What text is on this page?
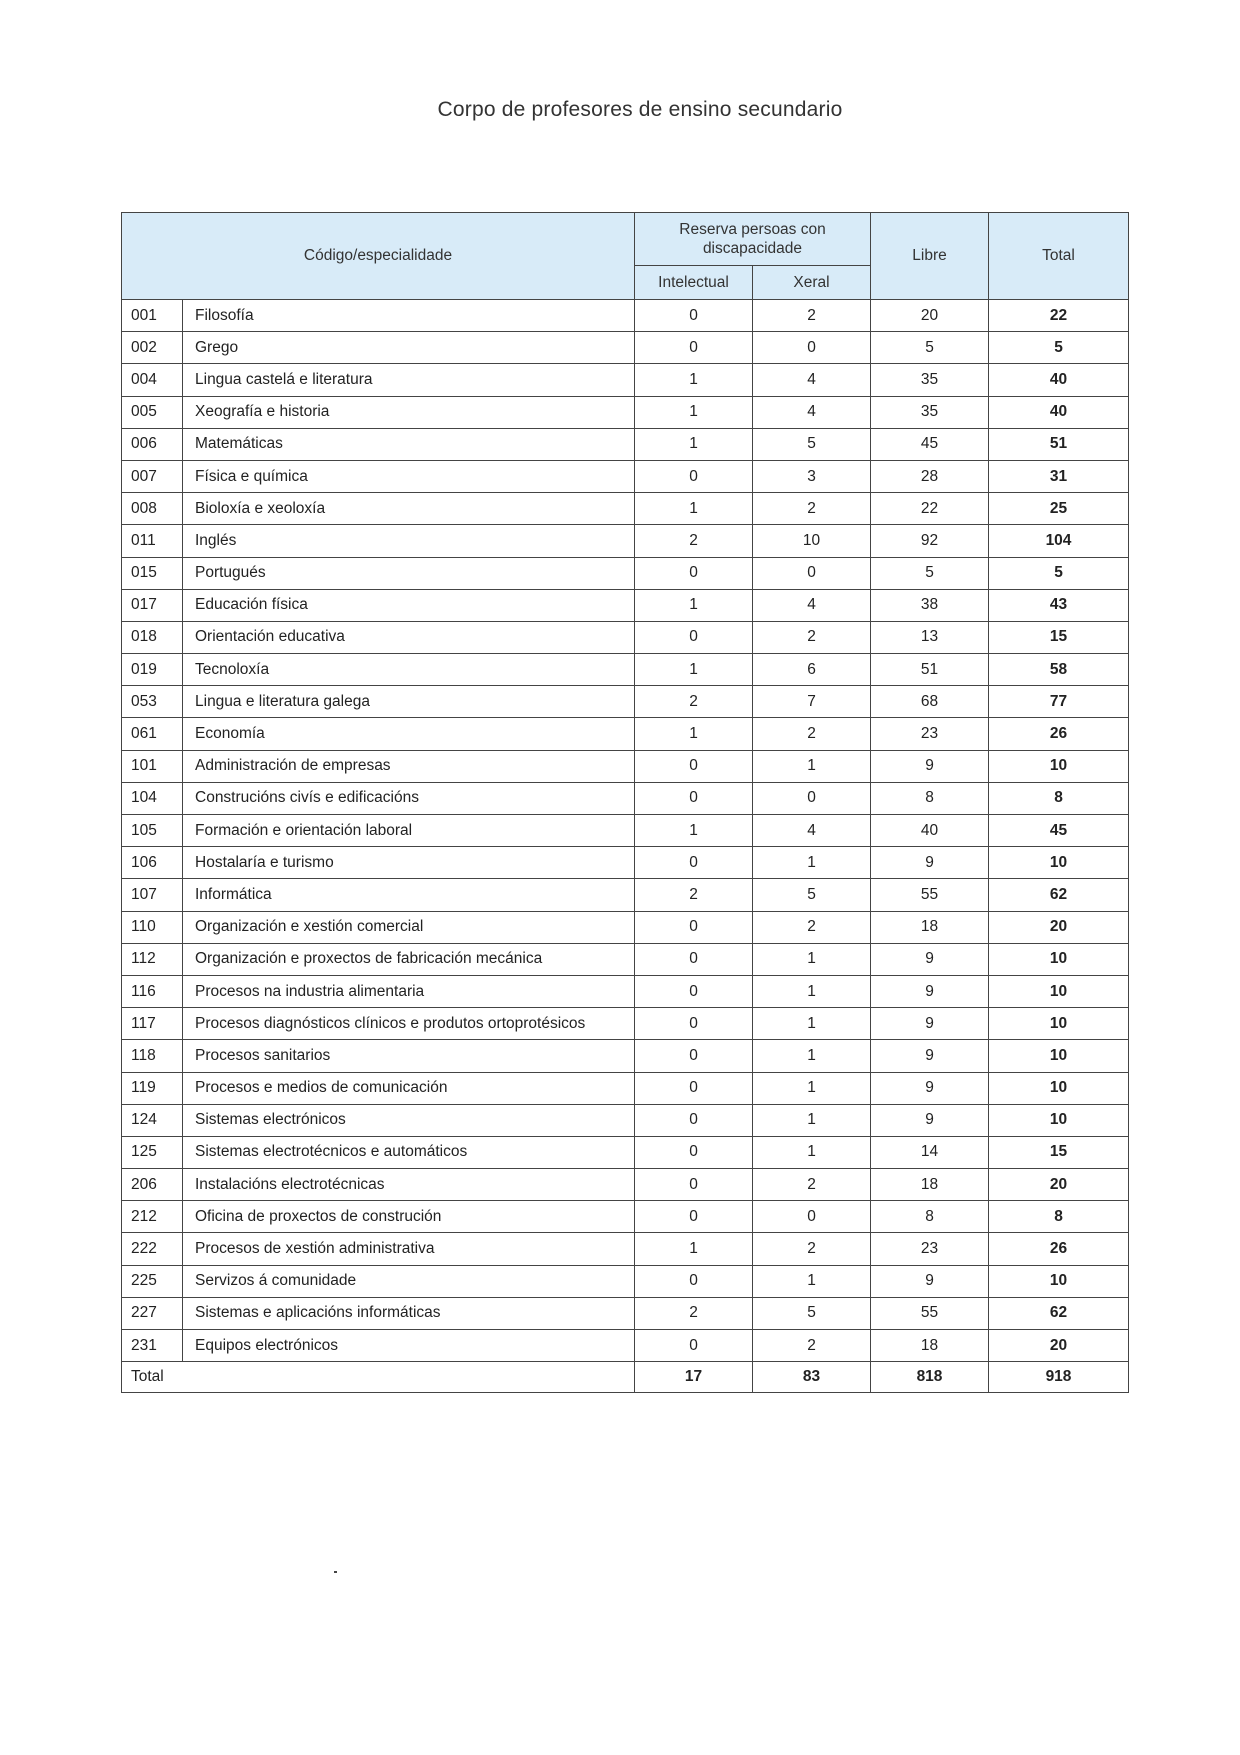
Corpo de profesores de ensino secundario
Código/especialidade		Reserva persoas con discapacidade		Libre	Total
		Intelectual	Xeral		
001	Filosofía	0	2	20	22
002	Grego	0	0	5	5
004	Lingua castelá e literatura	1	4	35	40
005	Xeografía e historia	1	4	35	40
006	Matemáticas	1	5	45	51
007	Física e química	0	3	28	31
008	Bioloxía e xeoloxía	1	2	22	25
011	Inglés	2	10	92	104
015	Portugués	0	0	5	5
017	Educación física	1	4	38	43
018	Orientación educativa	0	2	13	15
019	Tecnoloxía	1	6	51	58
053	Lingua e literatura galega	2	7	68	77
061	Economía	1	2	23	26
101	Administración de empresas	0	1	9	10
104	Construcións civís e edificacións	0	0	8	8
105	Formación e orientación laboral	1	4	40	45
106	Hostalaría e turismo	0	1	9	10
107	Informática	2	5	55	62
110	Organización e xestión comercial	0	2	18	20
112	Organización e proxectos de fabricación mecánica	0	1	9	10
116	Procesos na industria alimentaria	0	1	9	10
117	Procesos diagnósticos clínicos e produtos ortoprotésicos	0	1	9	10
118	Procesos sanitarios	0	1	9	10
119	Procesos e medios de comunicación	0	1	9	10
124	Sistemas electrónicos	0	1	9	10
125	Sistemas electrotécnicos e automáticos	0	1	14	15
206	Instalacións electrotécnicas	0	2	18	20
212	Oficina de proxectos de construción	0	0	8	8
222	Procesos de xestión administrativa	1	2	23	26
225	Servizos á comunidade	0	1	9	10
227	Sistemas e aplicacións informáticas	2	5	55	62
231	Equipos electrónicos	0	2	18	20
Total		17	83	818	918
